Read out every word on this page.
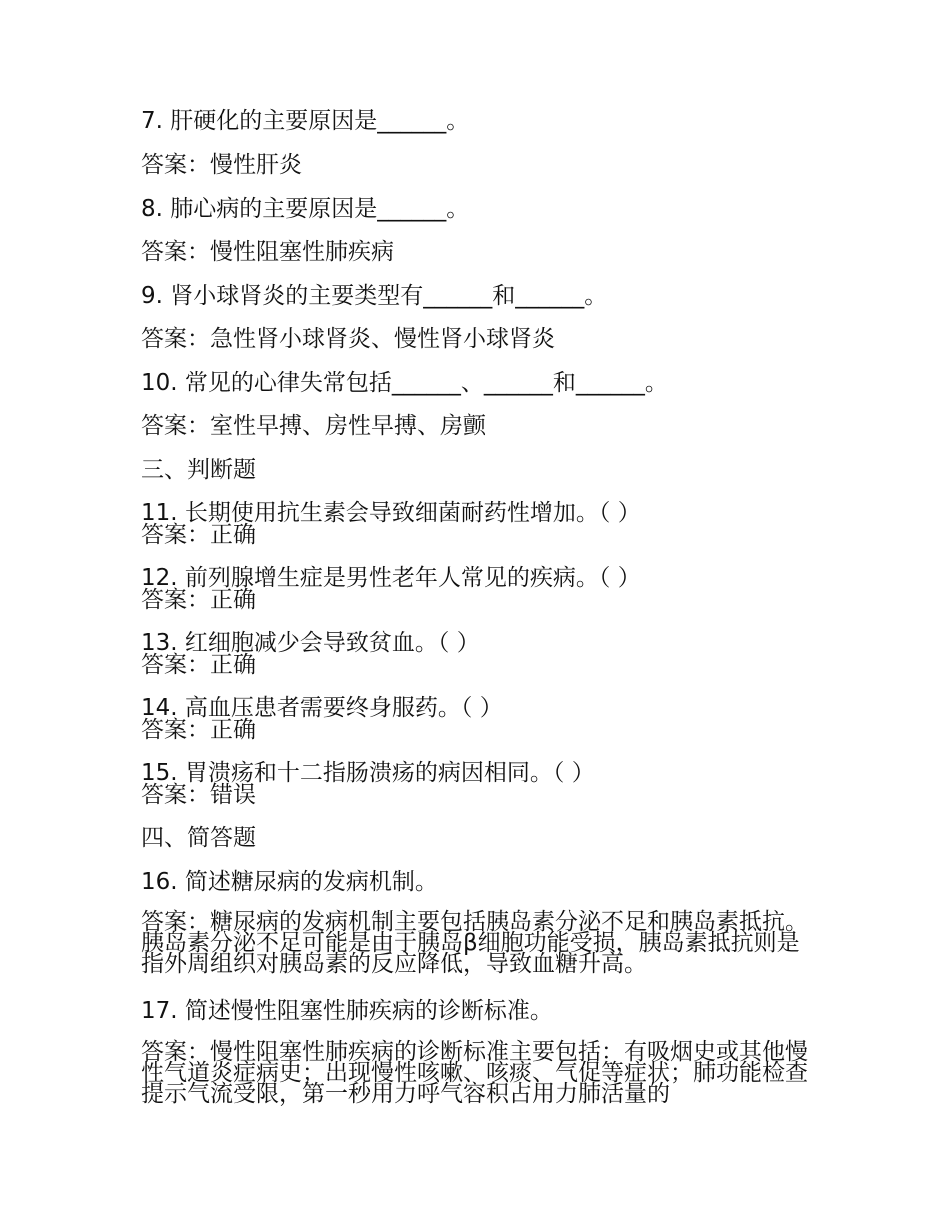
7. 肝硬化的主要原因是______。
答案：慢性肝炎
8. 肺心病的主要原因是______。
答案：慢性阻塞性肺疾病
9. 肾小球肾炎的主要类型有______和______。
答案：急性肾小球肾炎、慢性肾小球肾炎
10. 常见的心律失常包括______、______和______。
答案：室性早搏、房性早搏、房颤
三、判断题
11. 长期使用抗生素会导致细菌耐药性增加。（ ）
答案：正确
12. 前列腺增生症是男性老年人常见的疾病。（ ）
答案：正确
13. 红细胞减少会导致贫血。（ ）
答案：正确
14. 高血压患者需要终身服药。（ ）
答案：正确
15. 胃溃疡和十二指肠溃疡的病因相同。（ ）
答案：错误
四、简答题
16. 简述糖尿病的发病机制。
答案：糖尿病的发病机制主要包括胰岛素分泌不足和胰岛素抵抗。胰岛素分泌不足可能是由于胰岛β细胞功能受损，胰岛素抵抗则是指外周组织对胰岛素的反应降低，导致血糖升高。
17. 简述慢性阻塞性肺疾病的诊断标准。
答案：慢性阻塞性肺疾病的诊断标准主要包括：有吸烟史或其他慢性气道炎症病史；出现慢性咳嗽、咳痰、气促等症状；肺功能检查提示气流受限，第一秒用力呼气容积占用力肺活量的
